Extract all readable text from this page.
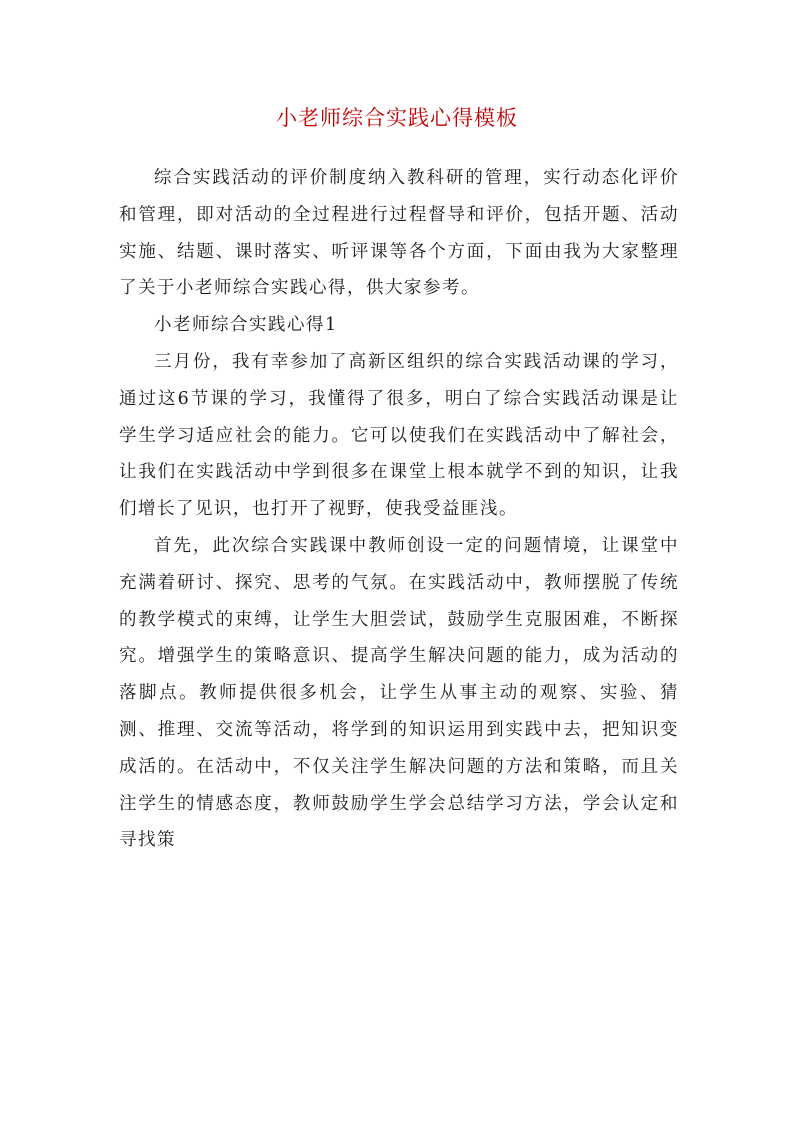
小老师综合实践心得模板

综合实践活动的评价制度纳入教科研的管理，实行动态化评价和管理，即对活动的全过程进行过程督导和评价，包括开题、活动实施、结题、课时落实、听评课等各个方面，下面由我为大家整理了关于小老师综合实践心得，供大家参考。

小老师综合实践心得1

三月份，我有幸参加了高新区组织的综合实践活动课的学习，通过这6节课的学习，我懂得了很多，明白了综合实践活动课是让学生学习适应社会的能力。它可以使我们在实践活动中了解社会，让我们在实践活动中学到很多在课堂上根本就学不到的知识，让我们增长了见识，也打开了视野，使我受益匪浅。

首先，此次综合实践课中教师创设一定的问题情境，让课堂中充满着研讨、探究、思考的气氛。在实践活动中，教师摆脱了传统的教学模式的束缚，让学生大胆尝试，鼓励学生克服困难，不断探究。增强学生的策略意识、提高学生解决问题的能力，成为活动的落脚点。教师提供很多机会，让学生从事主动的观察、实验、猜测、推理、交流等活动，将学到的知识运用到实践中去，把知识变成活的。在活动中，不仅关注学生解决问题的方法和策略，而且关注学生的情感态度，教师鼓励学生学会总结学习方法，学会认定和寻找策
